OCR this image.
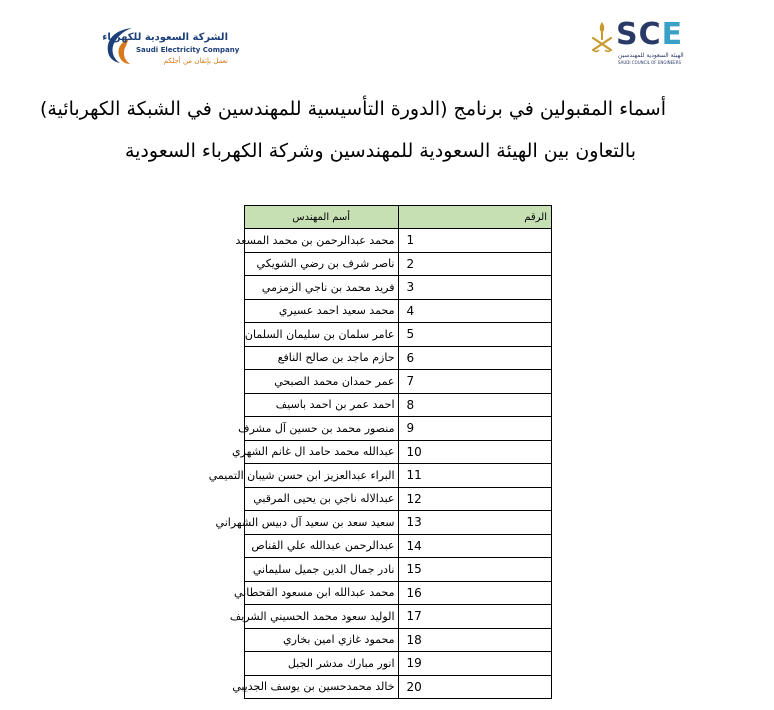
الشركة السعودية للكهرباء
Saudi Electricity Company
نعمل بإتقان من أجلكم
SCE
الهيئة السعودية للمهندسين
SAUDI COUNCIL OF ENGINEERS
أسماء المقبولين في برنامج (الدورة التأسيسية للمهندسين في الشبكة الكهربائية)
بالتعاون بين الهيئة السعودية للمهندسين وشركة الكهرباء السعودية
أسم المهندس	الرقم
محمد عبدالرحمن بن محمد المسعد	1
ناصر شرف بن رضي الشويكي	2
فريد محمد بن ناجي الزمزمي	3
محمد سعيد احمد عسيري	4
عامر سلمان بن سليمان السلمان	5
حازم ماجد بن صالح النافع	6
عمر حمدان محمد الصبحي	7
احمد عمر بن احمد باسيف	8
منصور محمد بن حسين آل مشرف	9
عبدالله محمد حامد ال غانم الشهري	10
البراء عبدالعزيز ابن حسن شيبان التميمي	11
عبدالاله ناجي بن يحيى المرقبي	12
سعيد سعد بن سعيد آل دبيس الشهراني	13
عبدالرحمن عبدالله علي القناص	14
نادر جمال الدين جميل سليماني	15
محمد عبدالله ابن مسعود القحطاني	16
الوليد سعود محمد الحسيني الشريف	17
محمود غازي امين بخاري	18
انور مبارك مدشر الجبل	19
خالد محمدحسين بن يوسف الجديبي	20
